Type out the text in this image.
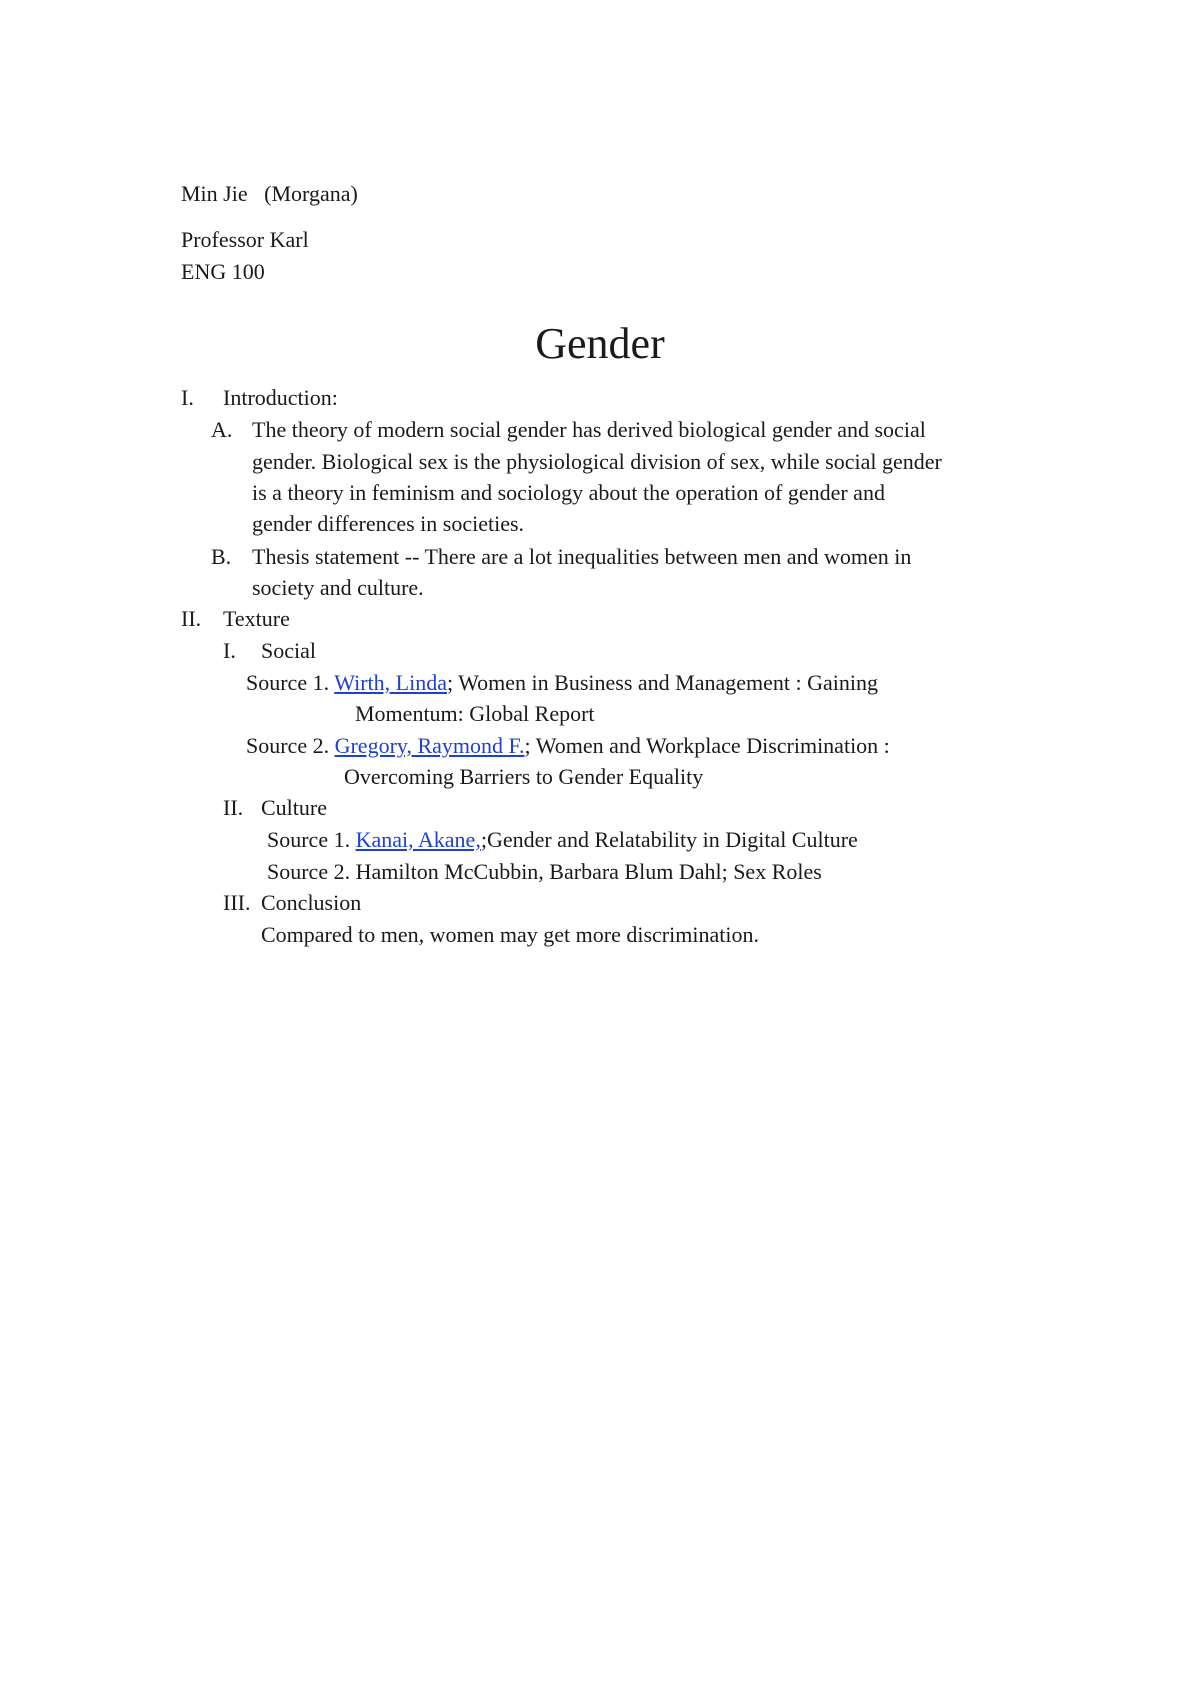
Min Jie (Morgana)
Professor Karl
ENG 100
Gender
I. Introduction:
A. The theory of modern social gender has derived biological gender and social
gender. Biological sex is the physiological division of sex, while social gender
is a theory in feminism and sociology about the operation of gender and
gender differences in societies.
B. Thesis statement -- There are a lot inequalities between men and women in
society and culture.
II. Texture
I. Social
Source 1. Wirth, Linda; Women in Business and Management : Gaining
Momentum: Global Report
Source 2. Gregory, Raymond F.; Women and Workplace Discrimination :
Overcoming Barriers to Gender Equality
II. Culture
Source 1. Kanai, Akane,;Gender and Relatability in Digital Culture
Source 2. Hamilton McCubbin, Barbara Blum Dahl; Sex Roles
III. Conclusion
Compared to men, women may get more discrimination.
